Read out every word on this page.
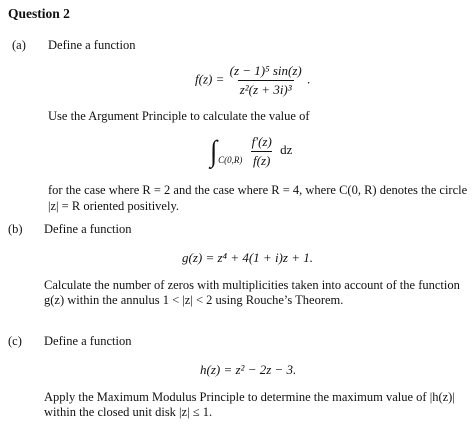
Question 2
(a) Define a function
$f(z) = \frac{\text{(z − 1)⁵ sin(z)}}{\text{z²(z + 3i)³}}$ .
Use the Argument Principle to calculate the value of
$\int_{C(0,R)} \frac{f'(z)}{f(z)}$ dz
for the case where R = 2 and the case where R = 4, where C(0, R) denotes the circle
|z| = R oriented positively.
(b) Define a function
g(z) = z⁴ + 4(1 + i)z + 1.
Calculate the number of zeros with multiplicities taken into account of the function
g(z) within the annulus 1 < |z| < 2 using Rouche’s Theorem.
(c) Define a function
h(z) = z² − 2z − 3.
Apply the Maximum Modulus Principle to determine the maximum value of |h(z)|
within the closed unit disk |z| ≤ 1.
